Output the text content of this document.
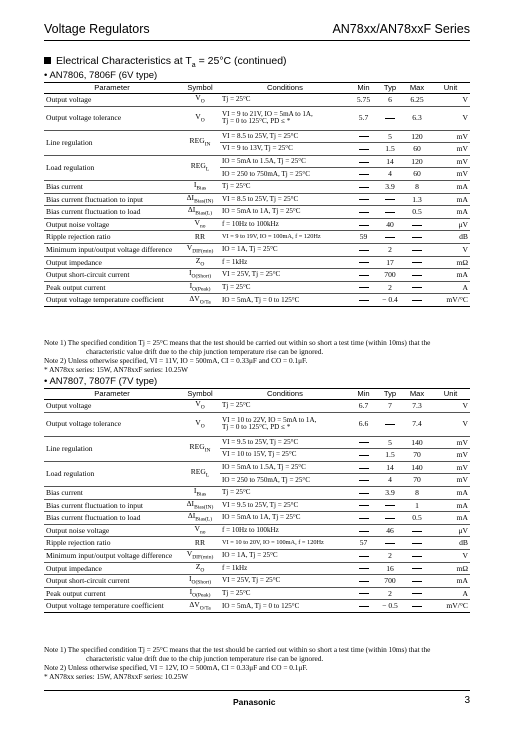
Voltage Regulators	AN78xx/AN78xxF Series
Electrical Characteristics at $T_a = 25^\circ C$ (continued)
• AN7806, 7806F (6V type)
Parameter	Symbol	Conditions	Min	Typ	Max	Unit
Output voltage	$V_O$	Tj = 25°C	5.75	6	6.25	V
Output voltage tolerance	$V_O$	VI = 9 to 21V, IO = 5mA to 1A,
Tj = 0 to 125°C, PD ≤ *	5.7		6.3	V
Line regulation	$REG_{IN}$	VI = 8.5 to 25V, Tj = 25°C		5	120	mV
		VI = 9 to 13V, Tj = 25°C		1.5	60	mV
Load regulation	$REG_L$	IO = 5mA to 1.5A, Tj = 25°C		14	120	mV
		IO = 250 to 750mA, Tj = 25°C		4	60	mV
Bias current	$I_{Bias}$	Tj = 25°C		3.9	8	mA
Bias current fluctuation to input	$\Delta I_{Bias(IN)}$	VI = 8.5 to 25V, Tj = 25°C			1.3	mA
Bias current fluctuation to load	$\Delta I_{Bias(L)}$	IO = 5mA to 1A, Tj = 25°C			0.5	mA
Output noise voltage	$V_{no}$	f = 10Hz to 100kHz		40		μV
Ripple rejection ratio	RR	VI = 9 to 19V, IO = 100mA, f = 120Hz	59			dB
Minimum input/output voltage difference	$V_{DIF(min)}$	IO = 1A, Tj = 25°C		2		V
Output impedance	$Z_O$	f = 1kHz		17		mΩ
Output short-circuit current	$I_{O(Short)}$	VI = 25V, Tj = 25°C		700		mA
Peak output current	$I_{O(Peak)}$	Tj = 25°C		2		A
Output voltage temperature coefficient	$\Delta V_{O/Ta}$	IO = 5mA, Tj = 0 to 125°C		− 0.4		mV/°C
Note 1) The specified condition Tj = 25°C means that the test should be carried out within so short a test time (within 10ms) that the
characteristic value drift due to the chip junction temperature rise can be ignored.
Note 2) Unless otherwise specified, VI = 11V, IO = 500mA, CI = 0.33μF and CO = 0.1μF.
* AN78xx series: 15W, AN78xxF series: 10.25W
• AN7807, 7807F (7V type)
Parameter	Symbol	Conditions	Min	Typ	Max	Unit
Output voltage	$V_O$	Tj = 25°C	6.7	7	7.3	V
Output voltage tolerance	$V_O$	VI = 10 to 22V, IO = 5mA to 1A,
Tj = 0 to 125°C, PD ≤ *	6.6		7.4	V
Line regulation	$REG_{IN}$	VI = 9.5 to 25V, Tj = 25°C		5	140	mV
		VI = 10 to 15V, Tj = 25°C		1.5	70	mV
Load regulation	$REG_L$	IO = 5mA to 1.5A, Tj = 25°C		14	140	mV
		IO = 250 to 750mA, Tj = 25°C		4	70	mV
Bias current	$I_{Bias}$	Tj = 25°C		3.9	8	mA
Bias current fluctuation to input	$\Delta I_{Bias(IN)}$	VI = 9.5 to 25V, Tj = 25°C			1	mA
Bias current fluctuation to load	$\Delta I_{Bias(L)}$	IO = 5mA to 1A, Tj = 25°C			0.5	mA
Output noise voltage	$V_{no}$	f = 10Hz to 100kHz		46		μV
Ripple rejection ratio	RR	VI = 10 to 20V, IO = 100mA, f = 120Hz	57			dB
Minimum input/output voltage difference	$V_{DIF(min)}$	IO = 1A, Tj = 25°C		2		V
Output impedance	$Z_O$	f = 1kHz		16		mΩ
Output short-circuit current	$I_{O(Short)}$	VI = 25V, Tj = 25°C		700		mA
Peak output current	$I_{O(Peak)}$	Tj = 25°C		2		A
Output voltage temperature coefficient	$\Delta V_{O/Ta}$	IO = 5mA, Tj = 0 to 125°C		− 0.5		mV/°C
Note 1) The specified condition Tj = 25°C means that the test should be carried out within so short a test time (within 10ms) that the
characteristic value drift due to the chip junction temperature rise can be ignored.
Note 2) Unless otherwise specified, VI = 12V, IO = 500mA, CI = 0.33μF and CO = 0.1μF.
* AN78xx series: 15W, AN78xxF series: 10.25W
Panasonic	3
